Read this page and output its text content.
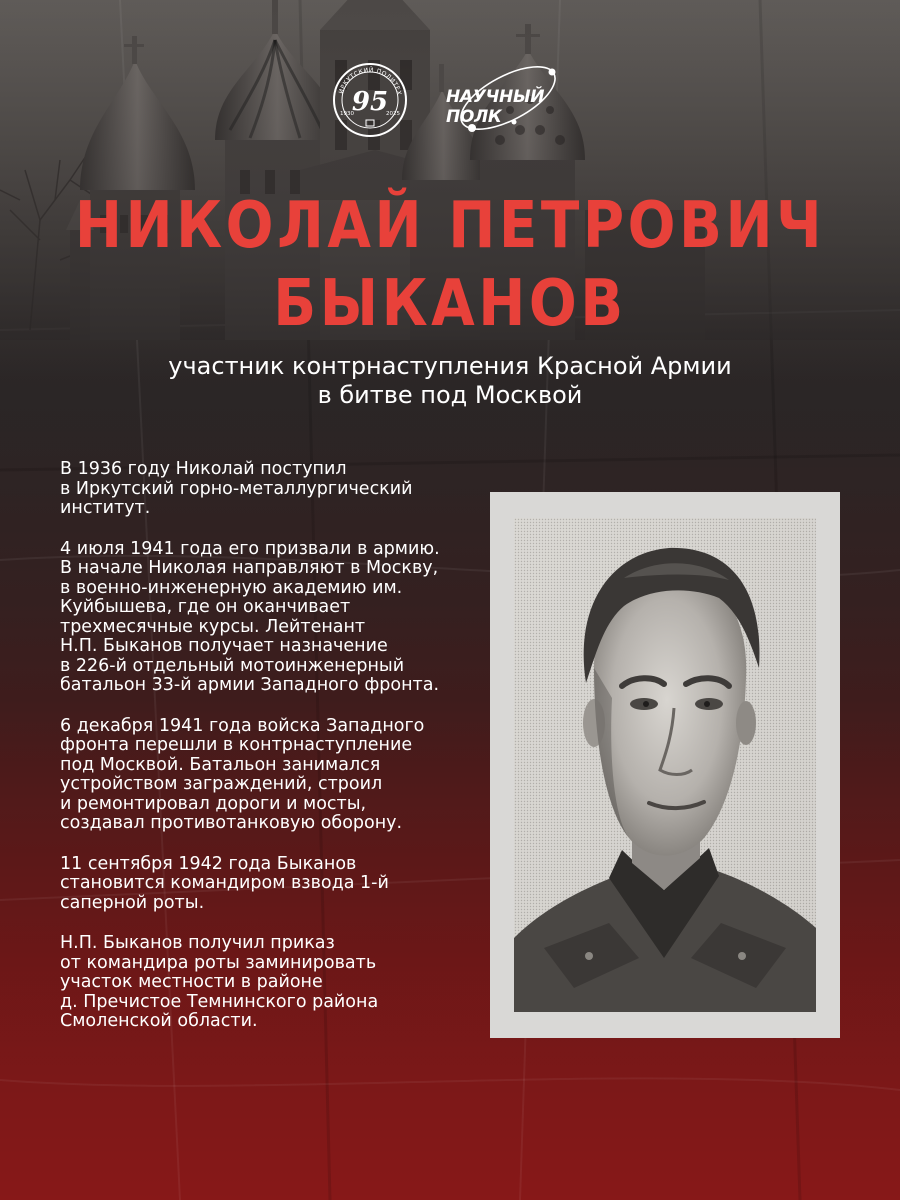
ИРКУТСКИЙ ПОЛИТЕХ
95
1930	2025
НАУЧНЫЙ ПОЛК
НИКОЛАЙ ПЕТРОВИЧ
БЫКАНОВ
участник контрнаступления Красной Армии
в битве под Москвой

В 1936 году Николай поступил
в Иркутский горно-металлургический
институт.

4 июля 1941 года его призвали в армию.
В начале Николая направляют в Москву,
в военно-инженерную академию им.
Куйбышева, где он оканчивает
трехмесячные курсы. Лейтенант
Н.П. Быканов получает назначение
в 226-й отдельный мотоинженерный
батальон 33-й армии Западного фронта.

6 декабря 1941 года войска Западного
фронта перешли в контрнаступление
под Москвой. Батальон занимался
устройством заграждений, строил
и ремонтировал дороги и мосты,
создавал противотанковую оборону.

11 сентября 1942 года Быканов
становится командиром взвода 1-й
саперной роты.

Н.П. Быканов получил приказ
от командира роты заминировать
участок местности в районе
д. Пречистое Темнинского района
Смоленской области.
